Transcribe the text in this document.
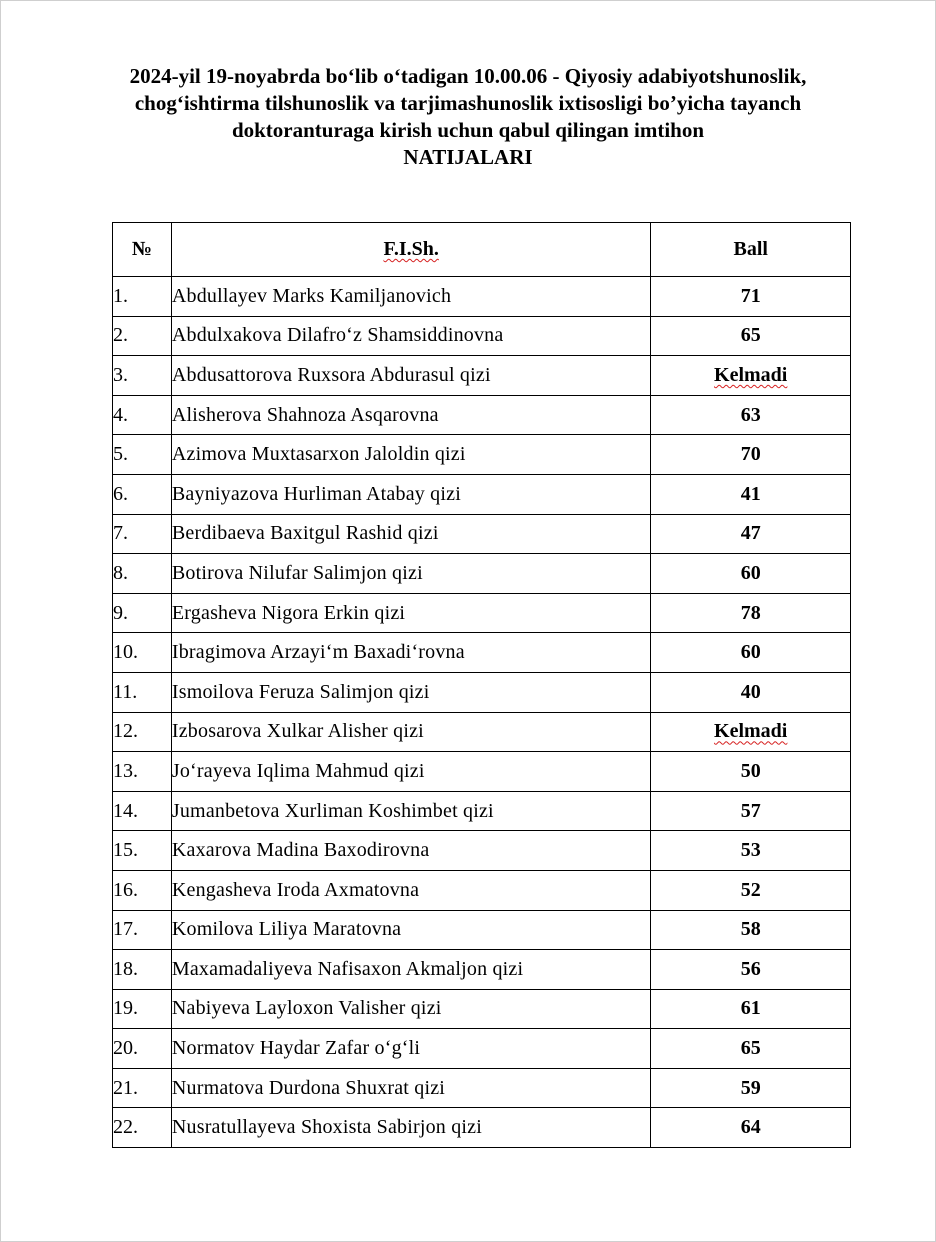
2024-yil 19-noyabrda bo‘lib o‘tadigan 10.00.06 - Qiyosiy adabiyotshunoslik,
chog‘ishtirma tilshunoslik va tarjimashunoslik ixtisosligi bo’yicha tayanch
doktoranturaga kirish uchun qabul qilingan imtihon
NATIJALARI
№	F.I.Sh.	Ball
1.	Abdullayev Marks Kamiljanovich	71
2.	Abdulxakova Dilafro‘z Shamsiddinovna	65
3.	Abdusattorova Ruxsora Abdurasul qizi	Kelmadi
4.	Alisherova Shahnoza Asqarovna	63
5.	Azimova Muxtasarxon Jaloldin qizi	70
6.	Bayniyazova Hurliman Atabay qizi	41
7.	Berdibaeva Baxitgul Rashid qizi	47
8.	Botirova Nilufar Salimjon qizi	60
9.	Ergasheva Nigora Erkin qizi	78
10.	Ibragimova Arzayi‘m Baxadi‘rovna	60
11.	Ismoilova Feruza Salimjon qizi	40
12.	Izbosarova Xulkar Alisher qizi	Kelmadi
13.	Jo‘rayeva Iqlima Mahmud qizi	50
14.	Jumanbetova Xurliman Koshimbet qizi	57
15.	Kaxarova Madina Baxodirovna	53
16.	Kengasheva Iroda Axmatovna	52
17.	Komilova Liliya Maratovna	58
18.	Maxamadaliyeva Nafisaxon Akmaljon qizi	56
19.	Nabiyeva Layloxon Valisher qizi	61
20.	Normatov Haydar Zafar o‘g‘li	65
21.	Nurmatova Durdona Shuxrat qizi	59
22.	Nusratullayeva Shoxista Sabirjon qizi	64
